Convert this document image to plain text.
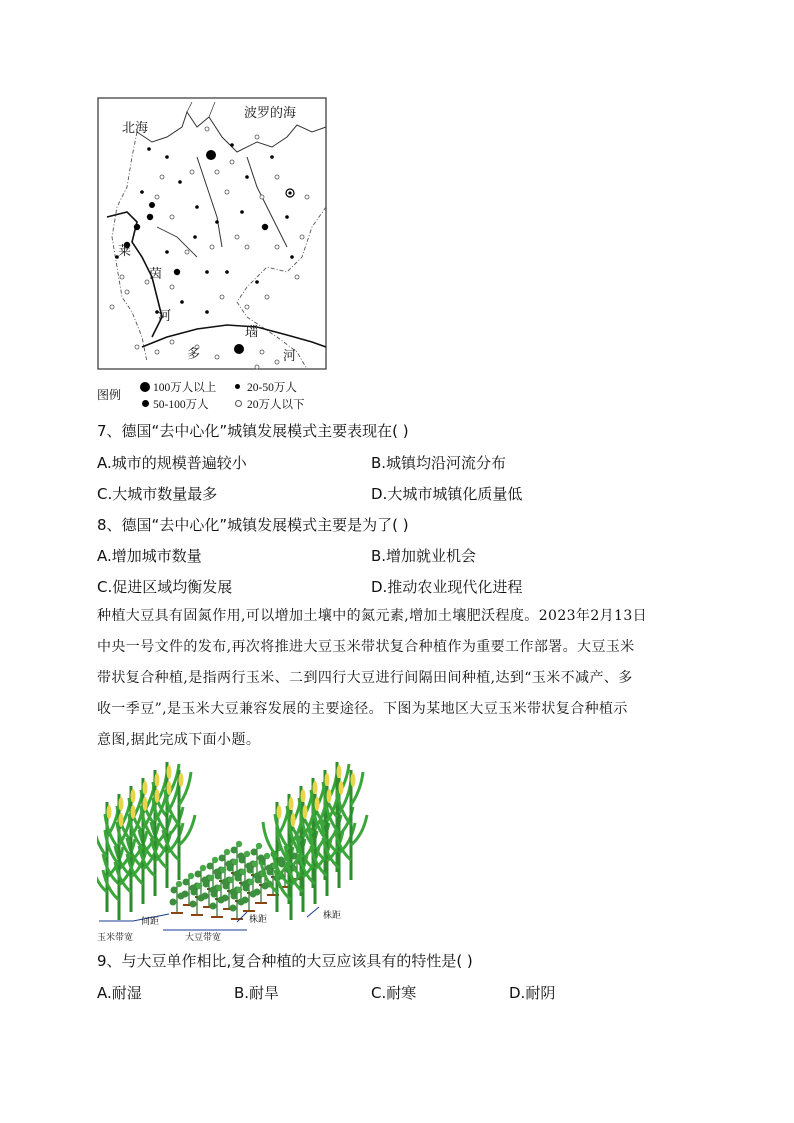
北海
波罗的海
莱
茵
河
多
瑙
河
图例	100万人以上	20-50万人
50-100万人	20万人以下
7、德国“去中心化”城镇发展模式主要表现在( )
A.城市的规模普遍较小	B.城镇均沿河流分布
C.大城市数量最多	D.大城市城镇化质量低
8、德国“去中心化”城镇发展模式主要是为了( )
A.增加城市数量	B.增加就业机会
C.促进区域均衡发展	D.推动农业现代化进程
种植大豆具有固氮作用,可以增加土壤中的氮元素,增加土壤肥沃程度。2023年2月13日
中央一号文件的发布,再次将推进大豆玉米带状复合种植作为重要工作部署。大豆玉米
带状复合种植,是指两行玉米、二到四行大豆进行间隔田间种植,达到“玉米不减产、多
收一季豆”,是玉米大豆兼容发展的主要途径。下图为某地区大豆玉米带状复合种植示
意图,据此完成下面小题。
玉米带宽
间距
大豆带宽
株距	株距
9、与大豆单作相比,复合种植的大豆应该具有的特性是( )
A.耐湿	B.耐旱	C.耐寒	D.耐阴
